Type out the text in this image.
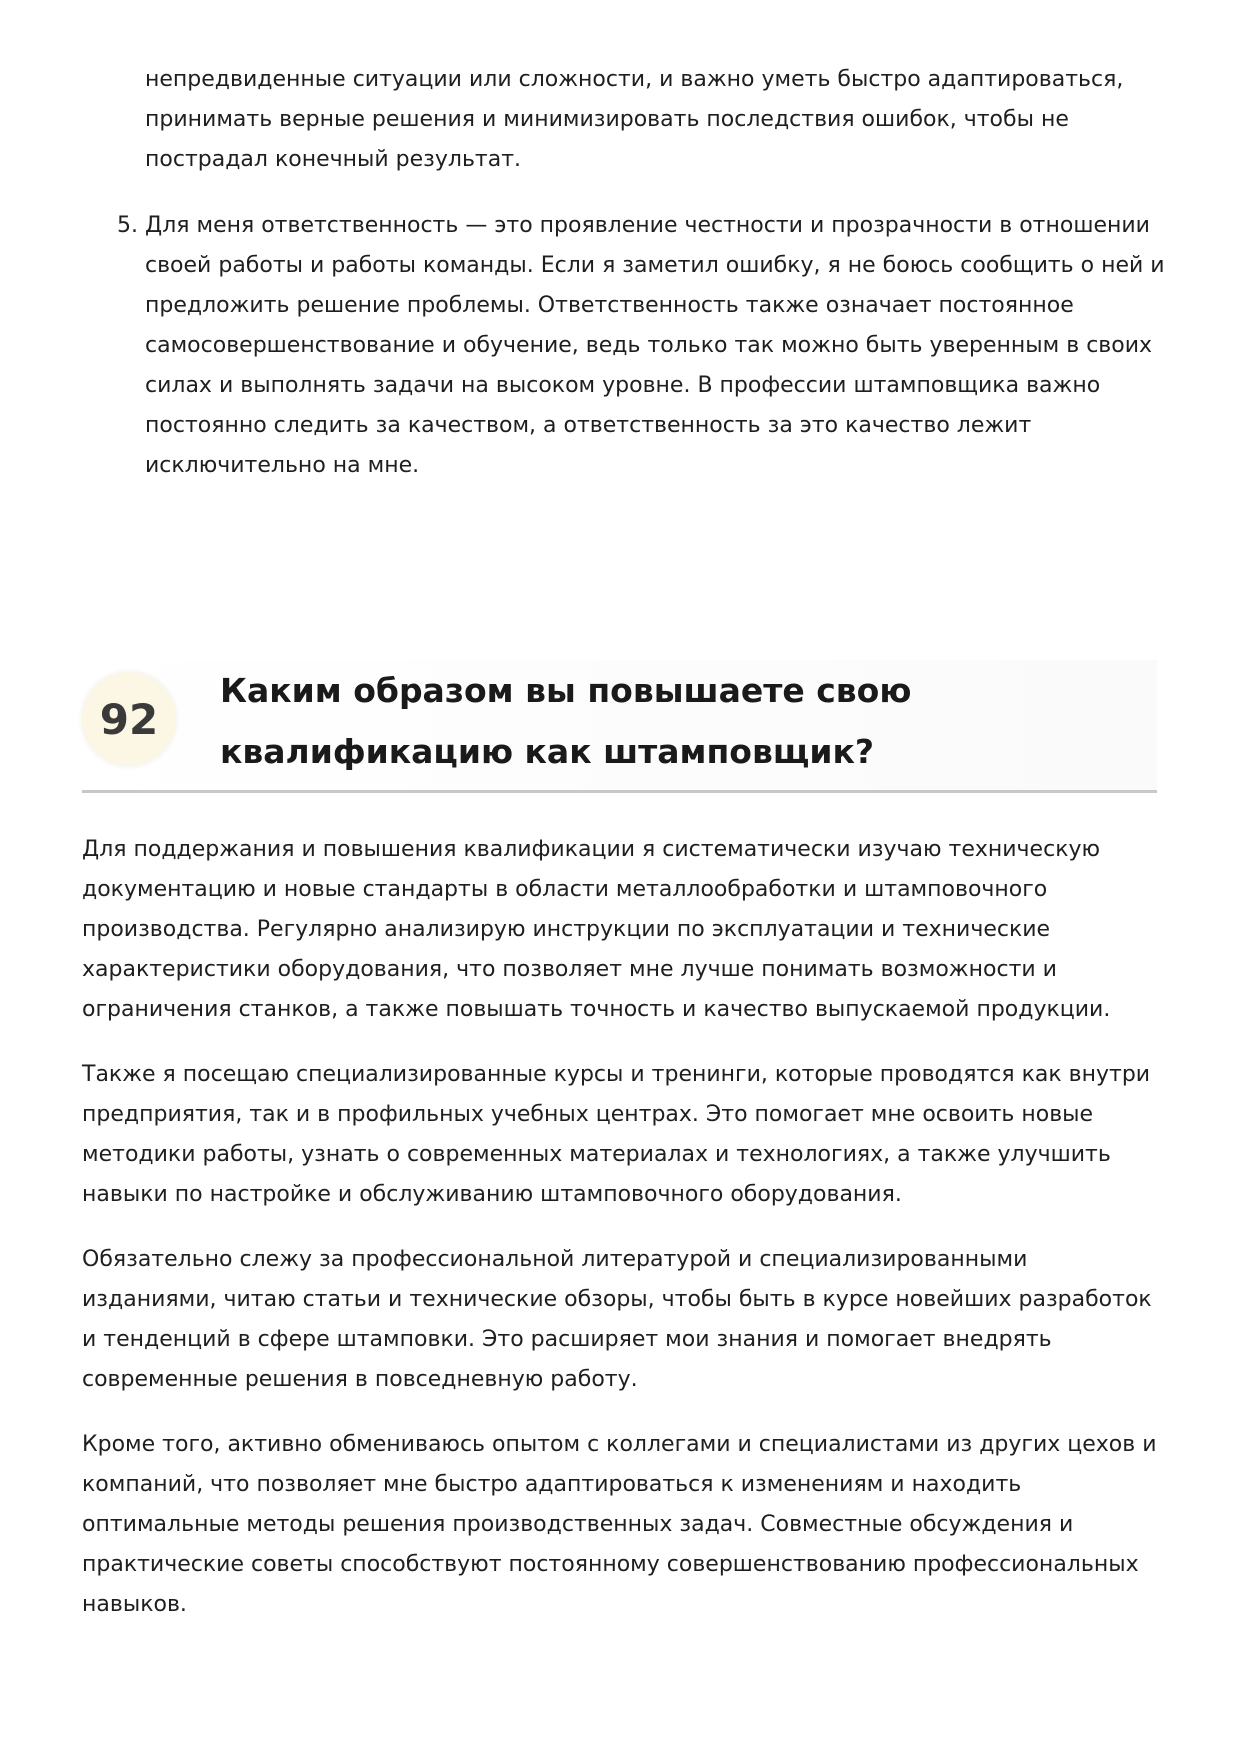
непредвиденные ситуации или сложности, и важно уметь быстро адаптироваться, принимать верные решения и минимизировать последствия ошибок, чтобы не пострадал конечный результат.

5. Для меня ответственность — это проявление честности и прозрачности в отношении своей работы и работы команды. Если я заметил ошибку, я не боюсь сообщить о ней и предложить решение проблемы. Ответственность также означает постоянное самосовершенствование и обучение, ведь только так можно быть уверенным в своих силах и выполнять задачи на высоком уровне. В профессии штамповщика важно постоянно следить за качеством, а ответственность за это качество лежит исключительно на мне.
92
Каким образом вы повышаете свою квалификацию как штамповщик?

Для поддержания и повышения квалификации я систематически изучаю техническую документацию и новые стандарты в области металлообработки и штамповочного производства. Регулярно анализирую инструкции по эксплуатации и технические характеристики оборудования, что позволяет мне лучше понимать возможности и ограничения станков, а также повышать точность и качество выпускаемой продукции.

Также я посещаю специализированные курсы и тренинги, которые проводятся как внутри предприятия, так и в профильных учебных центрах. Это помогает мне освоить новые методики работы, узнать о современных материалах и технологиях, а также улучшить навыки по настройке и обслуживанию штамповочного оборудования.

Обязательно слежу за профессиональной литературой и специализированными изданиями, читаю статьи и технические обзоры, чтобы быть в курсе новейших разработок и тенденций в сфере штамповки. Это расширяет мои знания и помогает внедрять современные решения в повседневную работу.

Кроме того, активно обмениваюсь опытом с коллегами и специалистами из других цехов и компаний, что позволяет мне быстро адаптироваться к изменениям и находить оптимальные методы решения производственных задач. Совместные обсуждения и практические советы способствуют постоянному совершенствованию профессиональных навыков.
